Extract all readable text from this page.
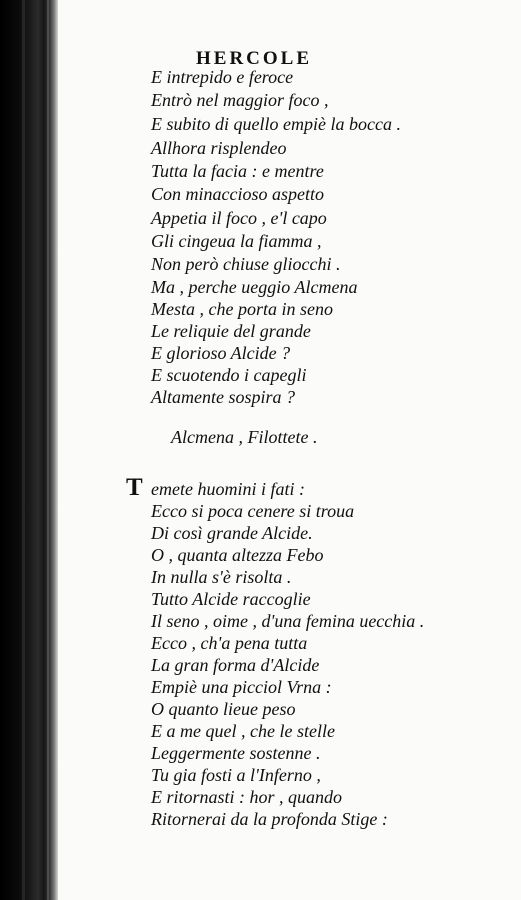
HERCOLE
E intrepido e feroce
Entrò nel maggior foco ,
E subito di quello empiè la bocca .
Allhora risplendeo
Tutta la facia : e mentre
Con minaccioso aspetto
Appetia il foco , e'l capo
Gli cingeua la fiamma ,
Non però chiuse gliocchi .
Ma , perche ueggio Alcmena
Mesta , che porta in seno
Le reliquie del grande
E glorioso Alcide ?
E scuotendo i capegli
Altamente sospira ?
Alcmena , Filottete .
T emete huomini i fati :
Ecco si poca cenere si troua
Di così grande Alcide.
O , quanta altezza Febo
In nulla s'è risolta .
Tutto Alcide raccoglie
Il seno , oime , d'una femina uecchia .
Ecco , ch'a pena tutta
La gran forma d'Alcide
Empiè una picciol Vrna :
O quanto lieue peso
E a me quel , che le stelle
Leggermente sostenne .
Tu gia fosti a l'Inferno ,
E ritornasti : hor , quando
Ritornerai da la profonda Stige :
